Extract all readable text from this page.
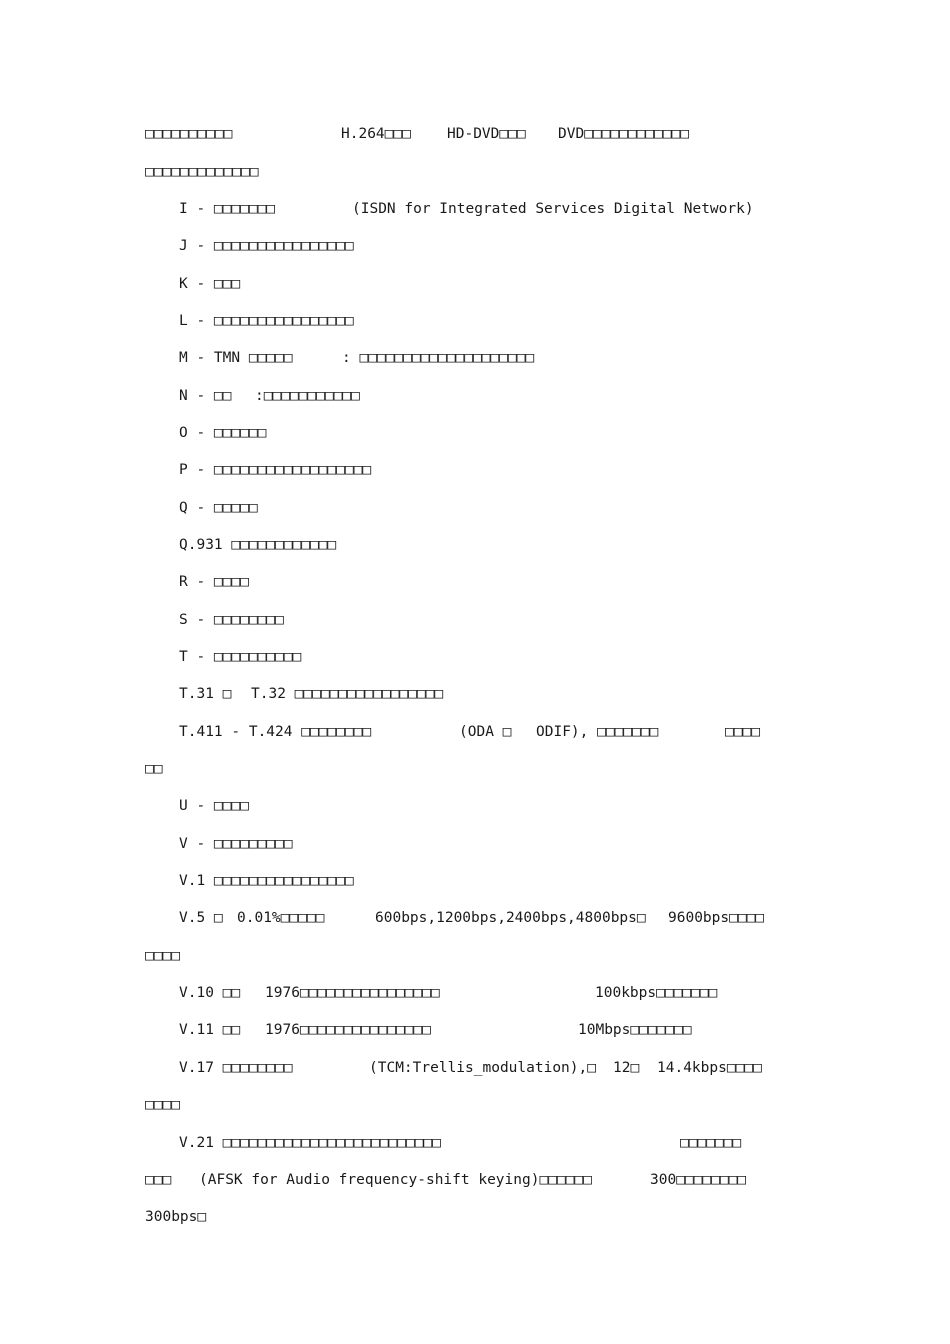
□□□□□□□□□□

	H.264□□□

HD-DVD□□□

DVD□□□□□□□□□□□□

□□□□□□□□□□□□□

I - □□□□□□□

	(ISDN for Integrated Services Digital Network)

J - □□□□□□□□□□□□□□□□

K - □□□

L - □□□□□□□□□□□□□□□□

M - TMN □□□□□

	: □□□□□□□□□□□□□□□□□□□□

N - □□

:□□□□□□□□□□□

O - □□□□□□

P - □□□□□□□□□□□□□□□□□□

Q - □□□□□

Q.931 □□□□□□□□□□□□

R - □□□□

S - □□□□□□□□

T - □□□□□□□□□□

T.31 □

T.32 □□□□□□□□□□□□□□□□□

T.411 - T.424 □□□□□□□□

	(ODA □

ODIF), □□□□□□□

	□□□□

□□

U - □□□□

V - □□□□□□□□□

V.1 □□□□□□□□□□□□□□□□

V.5 □

0.01%□□□□□

	600bps,1200bps,2400bps,4800bps□

9600bps□□□□

□□□□

V.10 □□

1976□□□□□□□□□□□□□□□□

	100kbps□□□□□□□

V.11 □□

1976□□□□□□□□□□□□□□□

	10Mbps□□□□□□□

V.17 □□□□□□□□

	(TCM:Trellis_modulation),□

12□

14.4kbps□□□□

□□□□

V.21 □□□□□□□□□□□□□□□□□□□□□□□□□

	□□□□□□□

□□□

(AFSK for Audio frequency-shift keying)□□□□□□

	300□□□□□□□□

300bps□
